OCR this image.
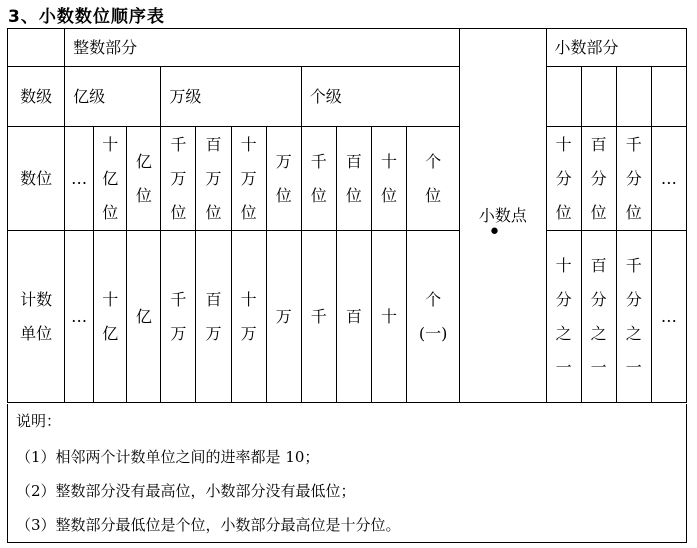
3、小数数位顺序表
	整数部分											小数点	小数部分			
数级	亿级			万级				个级								
数位	…	十亿位	亿位	千万位	百万位	十万位	万位	千位	百位	十位	个位		十分位	百分位	千分位	…
计数单位	…	十亿	亿	千万	百万	十万	万	千	百	十	个(一)		十分之一	百分之一	千分之一	…
•
说明：
（1）相邻两个计数单位之间的进率都是 10；
（2）整数部分没有最高位，小数部分没有最低位；
（3）整数部分最低位是个位，小数部分最高位是十分位。
